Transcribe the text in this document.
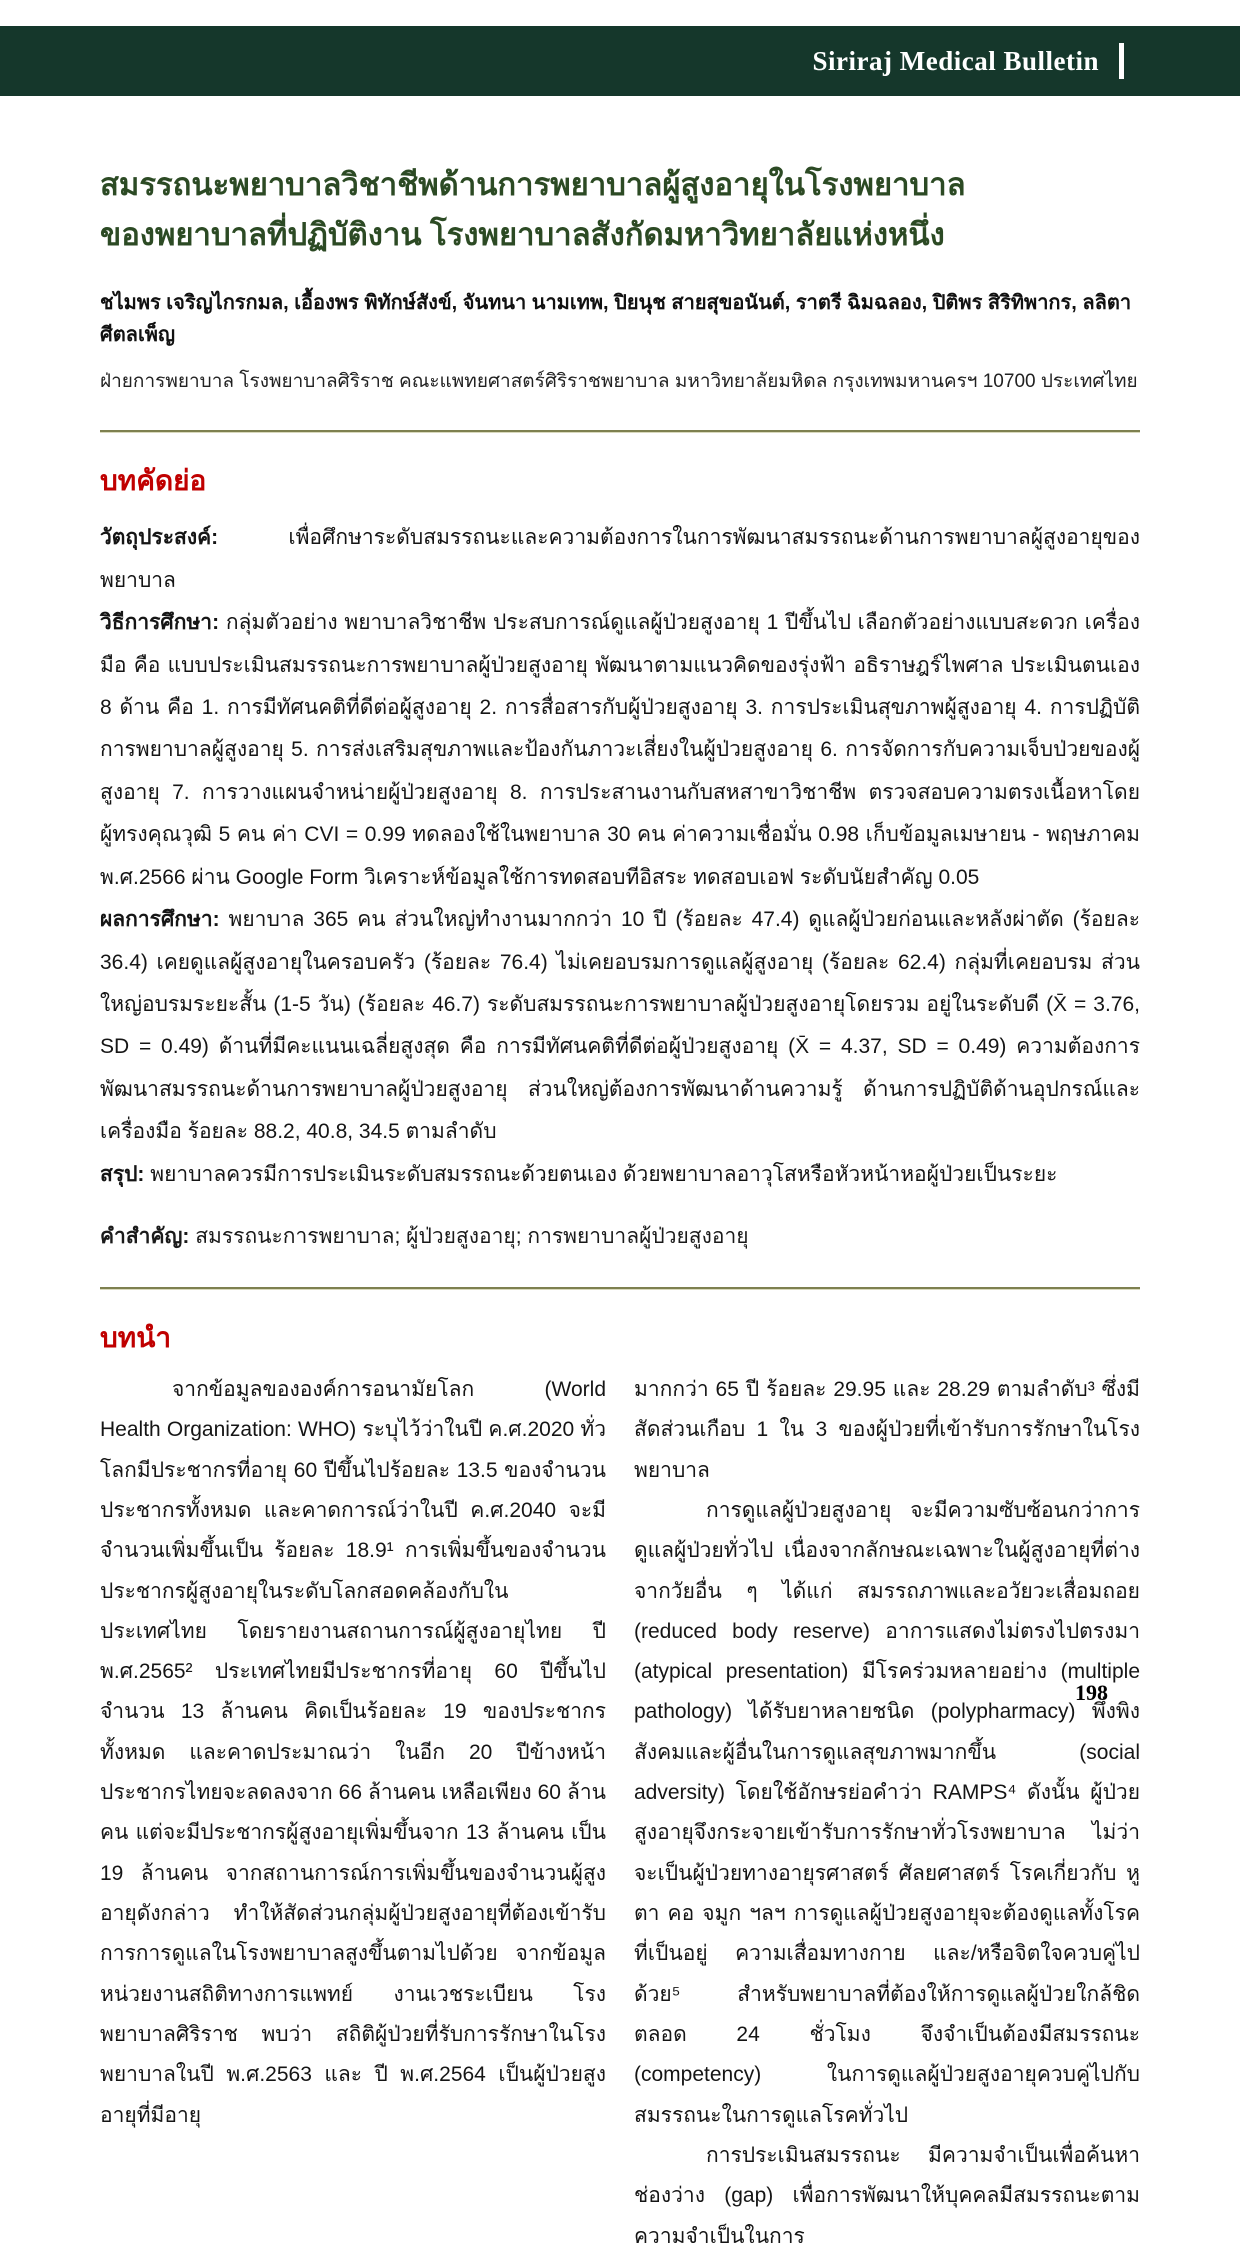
Siriraj Medical Bulletin
สมรรถนะพยาบาลวิชาชีพด้านการพยาบาลผู้สูงอายุในโรงพยาบาล
ของพยาบาลที่ปฏิบัติงาน โรงพยาบาลสังกัดมหาวิทยาลัยแห่งหนึ่ง
ชไมพร เจริญไกรกมล, เอื้องพร พิทักษ์สังข์, จันทนา นามเทพ, ปิยนุช สายสุขอนันต์, ราตรี ฉิมฉลอง, ปิติพร สิริทิพากร, ลลิตา ศีตลเพ็ญ
ฝ่ายการพยาบาล โรงพยาบาลศิริราช คณะแพทยศาสตร์ศิริราชพยาบาล มหาวิทยาลัยมหิดล กรุงเทพมหานครฯ 10700 ประเทศไทย
บทคัดย่อ

วัตถุประสงค์: เพื่อศึกษาระดับสมรรถนะและความต้องการในการพัฒนาสมรรถนะด้านการพยาบาลผู้สูงอายุของพยาบาล

วิธีการศึกษา: กลุ่มตัวอย่าง พยาบาลวิชาชีพ ประสบการณ์ดูแลผู้ป่วยสูงอายุ 1 ปีขึ้นไป เลือกตัวอย่างแบบสะดวก เครื่องมือ คือ แบบประเมินสมรรถนะการพยาบาลผู้ป่วยสูงอายุ พัฒนาตามแนวคิดของรุ่งฟ้า อธิราษฎร์ไพศาล ประเมินตนเอง 8 ด้าน คือ 1. การมีทัศนคติที่ดีต่อผู้สูงอายุ 2. การสื่อสารกับผู้ป่วยสูงอายุ 3. การประเมินสุขภาพผู้สูงอายุ 4. การปฏิบัติการพยาบาลผู้สูงอายุ 5. การส่งเสริมสุขภาพและป้องกันภาวะเสี่ยงในผู้ป่วยสูงอายุ 6. การจัดการกับความเจ็บป่วยของผู้สูงอายุ 7. การวางแผนจำหน่ายผู้ป่วยสูงอายุ 8. การประสานงานกับสหสาขาวิชาชีพ ตรวจสอบความตรงเนื้อหาโดยผู้ทรงคุณวุฒิ 5 คน ค่า CVI = 0.99 ทดลองใช้ในพยาบาล 30 คน ค่าความเชื่อมั่น 0.98 เก็บข้อมูลเมษายน - พฤษภาคม พ.ศ.2566 ผ่าน Google Form วิเคราะห์ข้อมูลใช้การทดสอบทีอิสระ ทดสอบเอฟ ระดับนัยสำคัญ 0.05

ผลการศึกษา: พยาบาล 365 คน ส่วนใหญ่ทำงานมากกว่า 10 ปี (ร้อยละ 47.4) ดูแลผู้ป่วยก่อนและหลังผ่าตัด (ร้อยละ 36.4) เคยดูแลผู้สูงอายุในครอบครัว (ร้อยละ 76.4) ไม่เคยอบรมการดูแลผู้สูงอายุ (ร้อยละ 62.4) กลุ่มที่เคยอบรม ส่วนใหญ่อบรมระยะสั้น (1-5 วัน) (ร้อยละ 46.7) ระดับสมรรถนะการพยาบาลผู้ป่วยสูงอายุโดยรวม อยู่ในระดับดี (X̄ = 3.76, SD = 0.49) ด้านที่มีคะแนนเฉลี่ยสูงสุด คือ การมีทัศนคติที่ดีต่อผู้ป่วยสูงอายุ (X̄ = 4.37, SD = 0.49) ความต้องการพัฒนาสมรรถนะด้านการพยาบาลผู้ป่วยสูงอายุ ส่วนใหญ่ต้องการพัฒนาด้านความรู้ ด้านการปฏิบัติด้านอุปกรณ์และเครื่องมือ ร้อยละ 88.2, 40.8, 34.5 ตามลำดับ

สรุป: พยาบาลควรมีการประเมินระดับสมรรถนะด้วยตนเอง ด้วยพยาบาลอาวุโสหรือหัวหน้าหอผู้ป่วยเป็นระยะ

คำสำคัญ: สมรรถนะการพยาบาล; ผู้ป่วยสูงอายุ; การพยาบาลผู้ป่วยสูงอายุ

บทนำ

จากข้อมูลขององค์การอนามัยโลก (World Health Organization: WHO) ระบุไว้ว่าในปี ค.ศ.2020 ทั่วโลกมีประชากรที่อายุ 60 ปีขึ้นไปร้อยละ 13.5 ของจำนวนประชากรทั้งหมด และคาดการณ์ว่าในปี ค.ศ.2040 จะมีจำนวนเพิ่มขึ้นเป็น ร้อยละ 18.9¹ การเพิ่มขึ้นของจำนวนประชากรผู้สูงอายุในระดับโลกสอดคล้องกับในประเทศไทย โดยรายงานสถานการณ์ผู้สูงอายุไทย ปี พ.ศ.2565² ประเทศไทยมีประชากรที่อายุ 60 ปีขึ้นไปจำนวน 13 ล้านคน คิดเป็นร้อยละ 19 ของประชากรทั้งหมด และคาดประมาณว่า ในอีก 20 ปีข้างหน้า ประชากรไทยจะลดลงจาก 66 ล้านคน เหลือเพียง 60 ล้านคน แต่จะมีประชากรผู้สูงอายุเพิ่มขึ้นจาก 13 ล้านคน เป็น 19 ล้านคน จากสถานการณ์การเพิ่มขึ้นของจำนวนผู้สูงอายุดังกล่าว ทำให้สัดส่วนกลุ่มผู้ป่วยสูงอายุที่ต้องเข้ารับการการดูแลในโรงพยาบาลสูงขึ้นตามไปด้วย จากข้อมูลหน่วยงานสถิติทางการแพทย์ งานเวชระเบียน โรงพยาบาลศิริราช พบว่า สถิติผู้ป่วยที่รับการรักษาในโรงพยาบาลในปี พ.ศ.2563 และ ปี พ.ศ.2564 เป็นผู้ป่วยสูงอายุที่มีอายุ

มากกว่า 65 ปี ร้อยละ 29.95 และ 28.29 ตามลำดับ³ ซึ่งมีสัดส่วนเกือบ 1 ใน 3 ของผู้ป่วยที่เข้ารับการรักษาในโรงพยาบาล

การดูแลผู้ป่วยสูงอายุ จะมีความซับซ้อนกว่าการดูแลผู้ป่วยทั่วไป เนื่องจากลักษณะเฉพาะในผู้สูงอายุที่ต่างจากวัยอื่น ๆ ได้แก่ สมรรถภาพและอวัยวะเสื่อมถอย (reduced body reserve) อาการแสดงไม่ตรงไปตรงมา (atypical presentation) มีโรคร่วมหลายอย่าง (multiple pathology) ได้รับยาหลายชนิด (polypharmacy) พึ่งพิงสังคมและผู้อื่นในการดูแลสุขภาพมากขึ้น (social adversity) โดยใช้อักษรย่อคำว่า RAMPS⁴ ดังนั้น ผู้ป่วยสูงอายุจึงกระจายเข้ารับการรักษาทั่วโรงพยาบาล ไม่ว่าจะเป็นผู้ป่วยทางอายุรศาสตร์ ศัลยศาสตร์ โรคเกี่ยวกับ หู ตา คอ จมูก ฯลฯ การดูแลผู้ป่วยสูงอายุจะต้องดูแลทั้งโรคที่เป็นอยู่ ความเสื่อมทางกาย และ/หรือจิตใจควบคู่ไปด้วย⁵ สำหรับพยาบาลที่ต้องให้การดูแลผู้ป่วยใกล้ชิดตลอด 24 ชั่วโมง จึงจำเป็นต้องมีสมรรถนะ (competency) ในการดูแลผู้ป่วยสูงอายุควบคู่ไปกับสมรรถนะในการดูแลโรคทั่วไป

การประเมินสมรรถนะ มีความจำเป็นเพื่อค้นหาช่องว่าง (gap) เพื่อการพัฒนาให้บุคคลมีสมรรถนะตามความจำเป็นในการ

198
